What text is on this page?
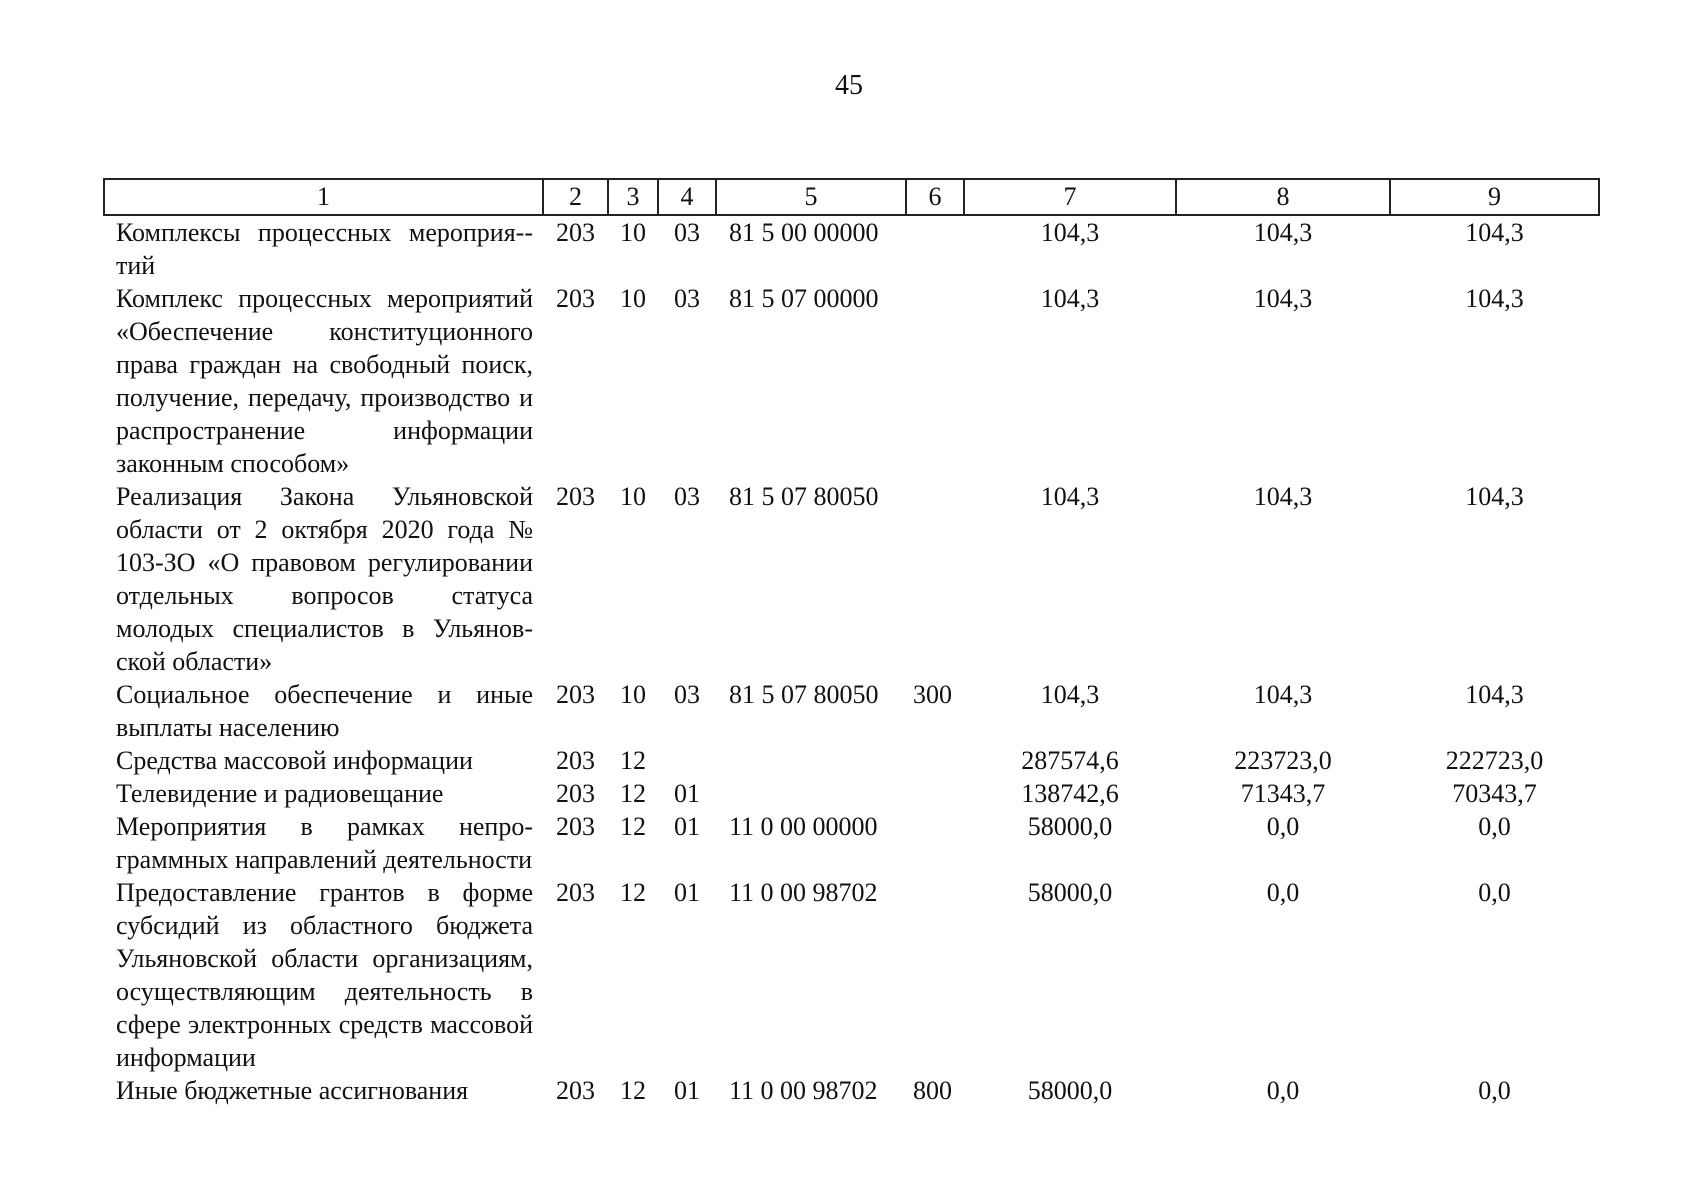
45
1	2	3	4	5	6	7	8	9
Комплексы процессных мероприя-тий	203	10	03	81 5 00 00000		104,3	104,3	104,3
Комплекс процессных мероприятий «Обеспечение конституционного права граждан на свободный поиск, получение, передачу, производство и распространение информации законным способом»	203	10	03	81 5 07 00000		104,3	104,3	104,3
Реализация Закона Ульяновской области от 2 октября 2020 года № 103-ЗО «О правовом регулировании отдельных вопросов статуса молодых специалистов в Ульяновской области»	203	10	03	81 5 07 80050		104,3	104,3	104,3
Социальное обеспечение и иные выплаты населению	203	10	03	81 5 07 80050	300	104,3	104,3	104,3
Средства массовой информации	203	12				287574,6	223723,0	222723,0
Телевидение и радиовещание	203	12	01			138742,6	71343,7	70343,7
Мероприятия в рамках непрограммных направлений деятельности	203	12	01	11 0 00 00000		58000,0	0,0	0,0
Предоставление грантов в форме субсидий из областного бюджета Ульяновской области организациям, осуществляющим деятельность в сфере электронных средств массовой информации	203	12	01	11 0 00 98702		58000,0	0,0	0,0
Иные бюджетные ассигнования	203	12	01	11 0 00 98702	800	58000,0	0,0	0,0
